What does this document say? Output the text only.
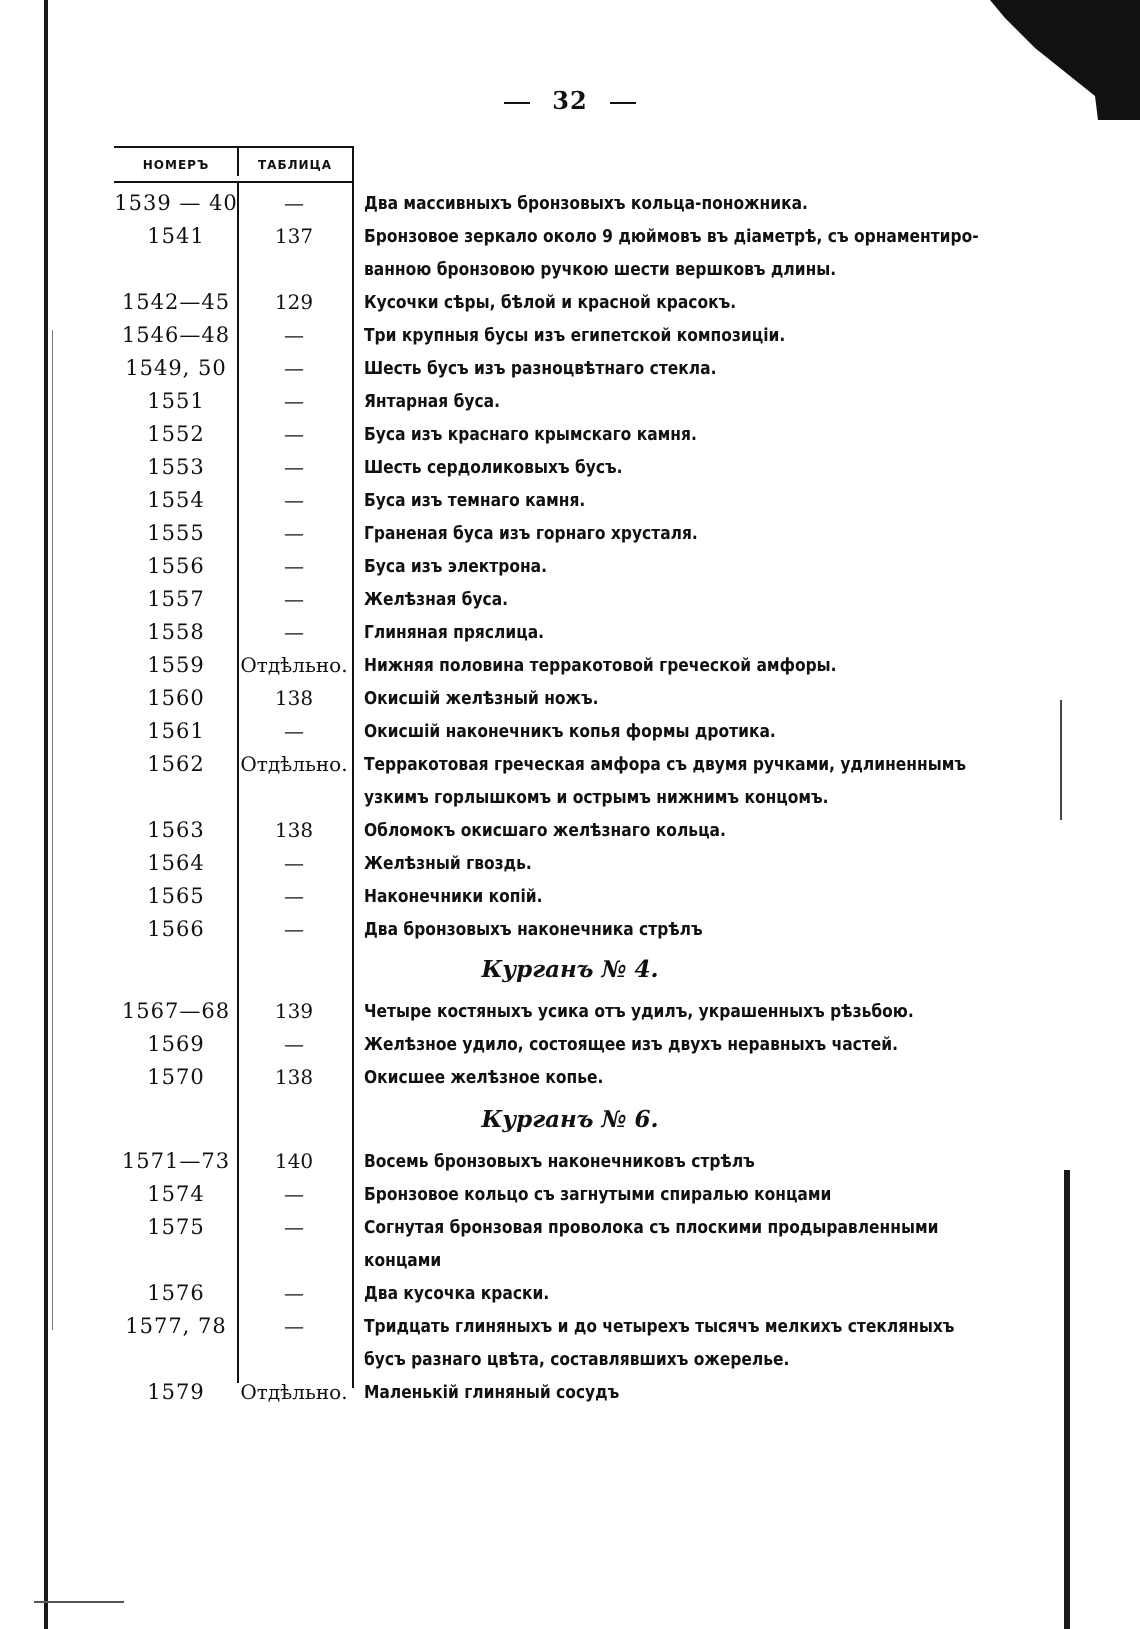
32
НОМЕРЪ	ТАБЛИЦА
1539 — 40	—	Два массивныхъ бронзовыхъ кольца-поножника.
1541	137	Бронзовое зеркало около 9 дюймовъ въ діаметрѣ, съ орнаментиро-
ванною бронзовою ручкою шести вершковъ длины.
1542—45	129	Кусочки сѣры, бѣлой и красной красокъ.
1546—48	—	Три крупныя бусы изъ египетской композиціи.
1549, 50	—	Шесть бусъ изъ разноцвѣтнаго стекла.
1551	—	Янтарная буса.
1552	—	Буса изъ краснаго крымскаго камня.
1553	—	Шесть сердоликовыхъ бусъ.
1554	—	Буса изъ темнаго камня.
1555	—	Граненая буса изъ горнаго хрусталя.
1556	—	Буса изъ электрона.
1557	—	Желѣзная буса.
1558	—	Глиняная пряслица.
1559	Отдѣльно. Нижняя половина терракотовой греческой амфоры.
1560	138	Окисшій желѣзный ножъ.
1561	—	Окисшій наконечникъ копья формы дротика.
1562	Отдѣльно. Терракотовая греческая амфора съ двумя ручками, удлиненнымъ
узкимъ горлышкомъ и острымъ нижнимъ концомъ.
1563	138	Обломокъ окисшаго желѣзнаго кольца.
1564	—	Желѣзный гвоздь.
1565	—	Наконечники копій.
1566	—	Два бронзовыхъ наконечника стрѣлъ
Курганъ № 4.
1567—68	139	Четыре костяныхъ усика отъ удилъ, украшенныхъ рѣзьбою.
1569	—	Желѣзное удило, состоящее изъ двухъ неравныхъ частей.
1570	138	Окисшее желѣзное копье.
Курганъ № 6.
1571—73	140	Восемь бронзовыхъ наконечниковъ стрѣлъ
1574	—	Бронзовое кольцо съ загнутыми спиралью концами
1575	—	Согнутая бронзовая проволока съ плоскими продыравленными
концами
1576	—	Два кусочка краски.
1577, 78	—	Тридцать глиняныхъ и до четырехъ тысячъ мелкихъ стекляныхъ
бусъ разнаго цвѣта, составлявшихъ ожерелье.
1579	Отдѣльно. Маленькій глиняный сосудъ
